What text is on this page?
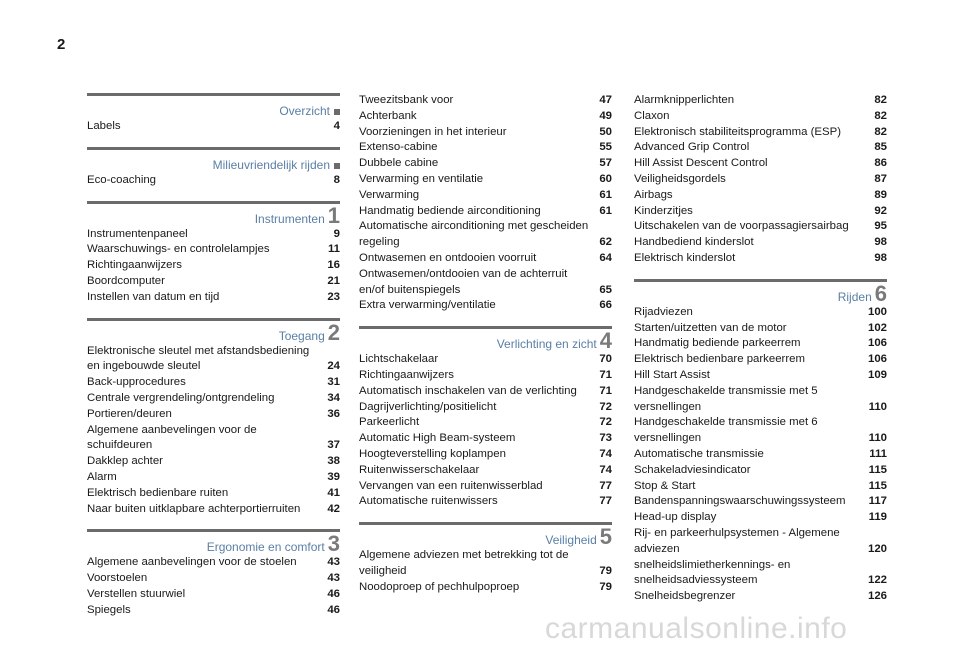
2
Overzicht
Labels	4
Milieuvriendelijk rijden
Eco-coaching	8
Instrumenten 1
Instrumentenpaneel	9
Waarschuwings- en controlelampjes	11
Richtingaanwijzers	16
Boordcomputer	21
Instellen van datum en tijd	23
Toegang 2
Elektronische sleutel met afstandsbediening en ingebouwde sleutel	24
Back-upprocedures	31
Centrale vergrendeling/ontgrendeling	34
Portieren/deuren	36
Algemene aanbevelingen voor de schuifdeuren	37
Dakklep achter	38
Alarm	39
Elektrisch bedienbare ruiten	41
Naar buiten uitklapbare achterportierruiten	42
Ergonomie en comfort 3
Algemene aanbevelingen voor de stoelen	43
Voorstoelen	43
Verstellen stuurwiel	46
Spiegels	46
Tweezitsbank voor	47
Achterbank	49
Voorzieningen in het interieur	50
Extenso-cabine	55
Dubbele cabine	57
Verwarming en ventilatie	60
Verwarming	61
Handmatig bediende airconditioning	61
Automatische airconditioning met gescheiden regeling	62
Ontwasemen en ontdooien voorruit	64
Ontwasemen/ontdooien van de achterruit en/of buitenspiegels	65
Extra verwarming/ventilatie	66
Verlichting en zicht 4
Lichtschakelaar	70
Richtingaanwijzers	71
Automatisch inschakelen van de verlichting	71
Dagrijverlichting/positielicht	72
Parkeerlicht	72
Automatic High Beam-systeem	73
Hoogteverstelling koplampen	74
Ruitenwisserschakelaar	74
Vervangen van een ruitenwisserblad	77
Automatische ruitenwissers	77
Veiligheid 5
Algemene adviezen met betrekking tot de veiligheid	79
Noodoproep of pechhulpoproep	79
Alarmknipperlichten	82
Claxon	82
Elektronisch stabiliteitsprogramma (ESP)	82
Advanced Grip Control	85
Hill Assist Descent Control	86
Veiligheidsgordels	87
Airbags	89
Kinderzitjes	92
Uitschakelen van de voorpassagiersairbag	95
Handbediend kinderslot	98
Elektrisch kinderslot	98
Rijden 6
Rijadviezen	100
Starten/uitzetten van de motor	102
Handmatig bediende parkeerrem	106
Elektrisch bedienbare parkeerrem	106
Hill Start Assist	109
Handgeschakelde transmissie met 5 versnellingen	110
Handgeschakelde transmissie met 6 versnellingen	110
Automatische transmissie	111
Schakeladviesindicator	115
Stop & Start	115
Bandenspanningswaarschuwingssysteem	117
Head-up display	119
Rij- en parkeerhulpsystemen - Algemene adviezen	120
snelheidslimietherkennings- en snelheidsadviessysteem	122
Snelheidsbegrenzer	126
carmanualsonline.info
